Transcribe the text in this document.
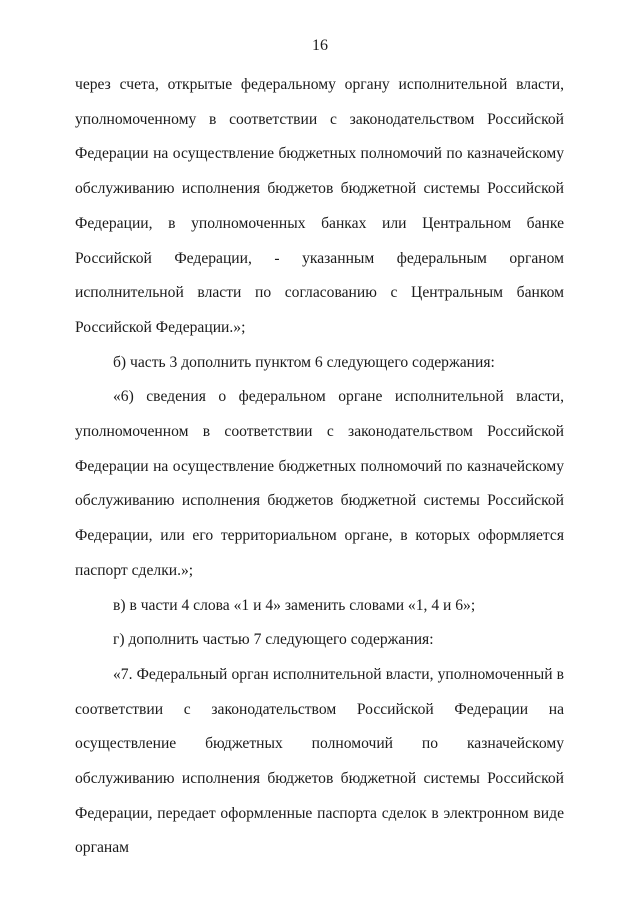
16

через счета, открытые федеральному органу исполнительной власти, уполномоченному в соответствии с законодательством Российской Федерации на осуществление бюджетных полномочий по казначейскому обслуживанию исполнения бюджетов бюджетной системы Российской Федерации, в уполномоченных банках или Центральном банке Российской Федерации, - указанным федеральным органом исполнительной власти по согласованию с Центральным банком Российской Федерации.»;

б) часть 3 дополнить пунктом 6 следующего содержания:

«6) сведения о федеральном органе исполнительной власти, уполномоченном в соответствии с законодательством Российской Федерации на осуществление бюджетных полномочий по казначейскому обслуживанию исполнения бюджетов бюджетной системы Российской Федерации, или его территориальном органе, в которых оформляется паспорт сделки.»;

в) в части 4 слова «1 и 4» заменить словами «1, 4 и 6»;

г) дополнить частью 7 следующего содержания:

«7. Федеральный орган исполнительной власти, уполномоченный в соответствии с законодательством Российской Федерации на осуществление бюджетных полномочий по казначейскому обслуживанию исполнения бюджетов бюджетной системы Российской Федерации, передает оформленные паспорта сделок в электронном виде органам
